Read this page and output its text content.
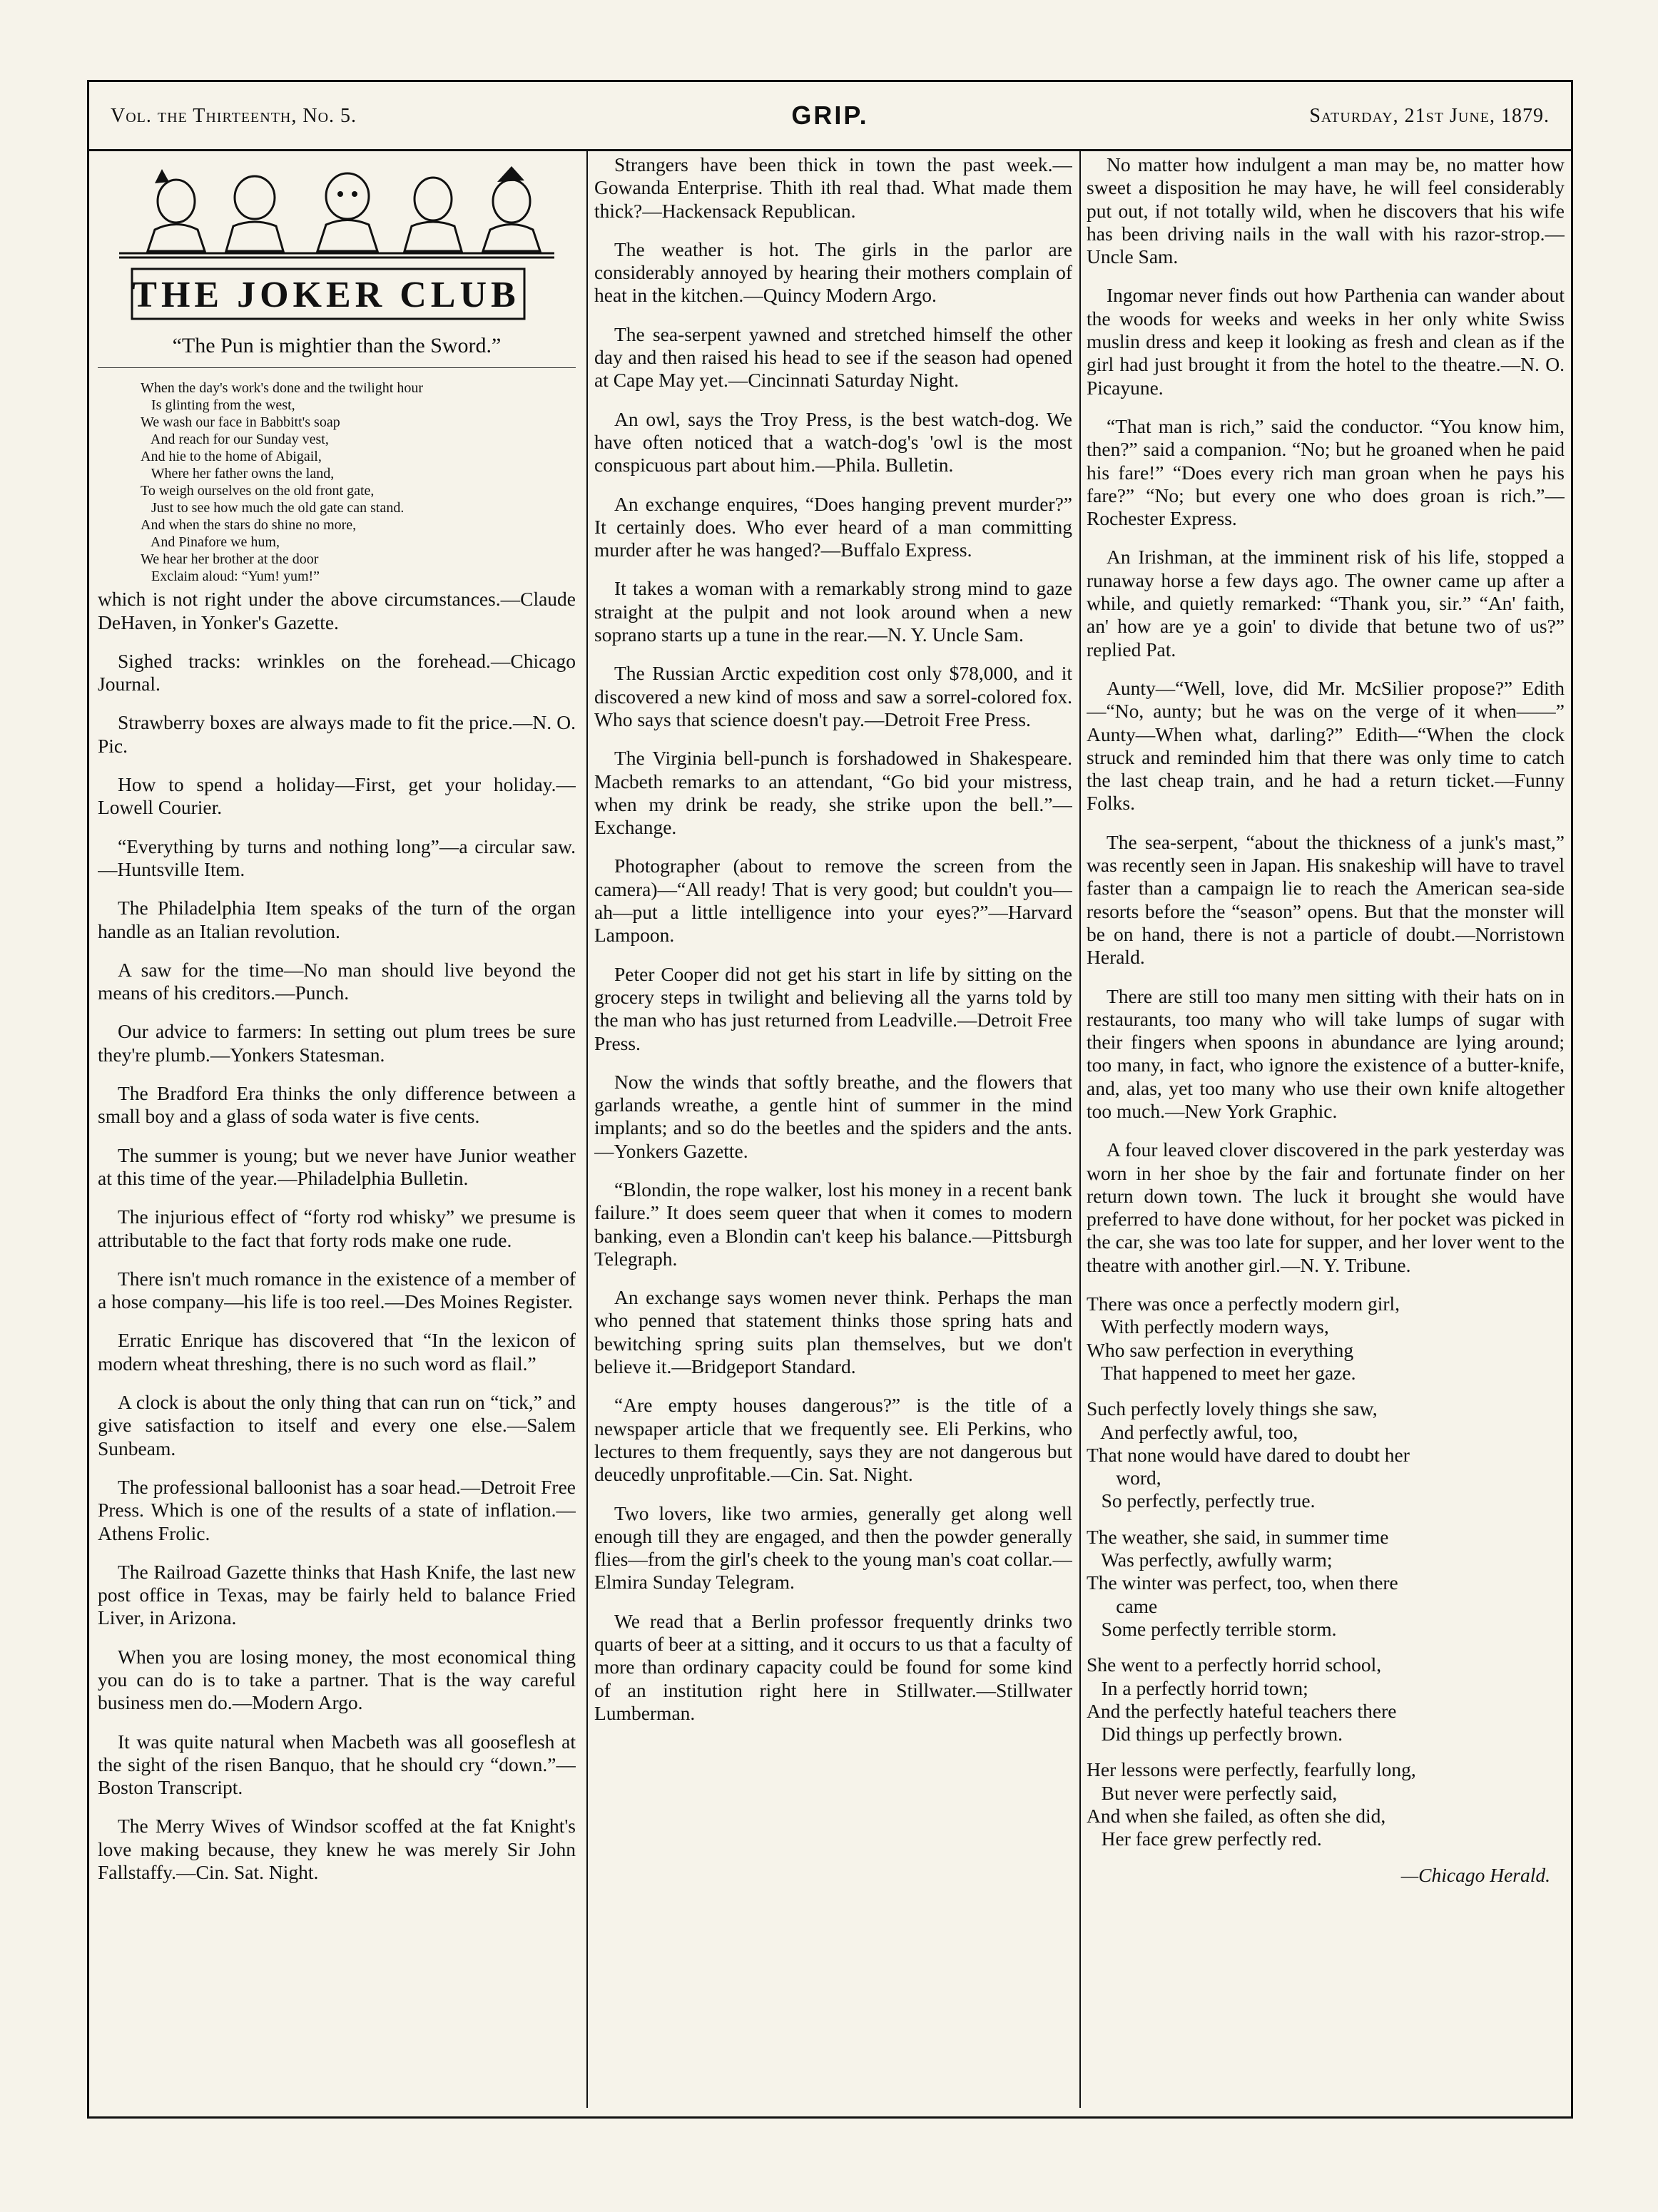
Vol. the Thirteenth, No. 5.	GRIP.	Saturday, 21st June, 1879.
THE JOKER CLUB
“The Pun is mightier than the Sword.”
When the day's work's done and the twilight hour
Is glinting from the west,
We wash our face in Babbitt's soap
And reach for our Sunday vest,
And hie to the home of Abigail,
Where her father owns the land,
To weigh ourselves on the old front gate,
Just to see how much the old gate can stand.
And when the stars do shine no more,
And Pinafore we hum,
We hear her brother at the door
Exclaim aloud: “Yum! yum!”

which is not right under the above circumstances.—Claude DeHaven, in Yonker's Gazette.

Sighed tracks: wrinkles on the forehead.—Chicago Journal.

Strawberry boxes are always made to fit the price.—N. O. Pic.

How to spend a holiday—First, get your holiday.—Lowell Courier.

“Everything by turns and nothing long”—a circular saw.—Huntsville Item.

The Philadelphia Item speaks of the turn of the organ handle as an Italian revolution.

A saw for the time—No man should live beyond the means of his creditors.—Punch.

Our advice to farmers: In setting out plum trees be sure they're plumb.—Yonkers Statesman.

The Bradford Era thinks the only difference between a small boy and a glass of soda water is five cents.

The summer is young; but we never have Junior weather at this time of the year.—Philadelphia Bulletin.

The injurious effect of “forty rod whisky” we presume is attributable to the fact that forty rods make one rude.

There isn't much romance in the existence of a member of a hose company—his life is too reel.—Des Moines Register.

Erratic Enrique has discovered that “In the lexicon of modern wheat threshing, there is no such word as flail.”

A clock is about the only thing that can run on “tick,” and give satisfaction to itself and every one else.—Salem Sunbeam.

The professional balloonist has a soar head.—Detroit Free Press. Which is one of the results of a state of inflation.—Athens Frolic.

The Railroad Gazette thinks that Hash Knife, the last new post office in Texas, may be fairly held to balance Fried Liver, in Arizona.

When you are losing money, the most economical thing you can do is to take a partner. That is the way careful business men do.—Modern Argo.

It was quite natural when Macbeth was all gooseflesh at the sight of the risen Banquo, that he should cry “down.”—Boston Transcript.

The Merry Wives of Windsor scoffed at the fat Knight's love making because, they knew he was merely Sir John Fallstaffy.—Cin. Sat. Night.

Strangers have been thick in town the past week.—Gowanda Enterprise. Thith ith real thad. What made them thick?—Hackensack Republican.

The weather is hot. The girls in the parlor are considerably annoyed by hearing their mothers complain of heat in the kitchen.—Quincy Modern Argo.

The sea-serpent yawned and stretched himself the other day and then raised his head to see if the season had opened at Cape May yet.—Cincinnati Saturday Night.

An owl, says the Troy Press, is the best watch-dog. We have often noticed that a watch-dog's 'owl is the most conspicuous part about him.—Phila. Bulletin.

An exchange enquires, “Does hanging prevent murder?” It certainly does. Who ever heard of a man committing murder after he was hanged?—Buffalo Express.

It takes a woman with a remarkably strong mind to gaze straight at the pulpit and not look around when a new soprano starts up a tune in the rear.—N. Y. Uncle Sam.

The Russian Arctic expedition cost only $78,000, and it discovered a new kind of moss and saw a sorrel-colored fox. Who says that science doesn't pay.—Detroit Free Press.

The Virginia bell-punch is forshadowed in Shakespeare. Macbeth remarks to an attendant, “Go bid your mistress, when my drink be ready, she strike upon the bell.”—Exchange.

Photographer (about to remove the screen from the camera)—“All ready! That is very good; but couldn't you—ah—put a little intelligence into your eyes?”—Harvard Lampoon.

Peter Cooper did not get his start in life by sitting on the grocery steps in twilight and believing all the yarns told by the man who has just returned from Leadville.—Detroit Free Press.

Now the winds that softly breathe, and the flowers that garlands wreathe, a gentle hint of summer in the mind implants; and so do the beetles and the spiders and the ants.—Yonkers Gazette.

“Blondin, the rope walker, lost his money in a recent bank failure.” It does seem queer that when it comes to modern banking, even a Blondin can't keep his balance.—Pittsburgh Telegraph.

An exchange says women never think. Perhaps the man who penned that statement thinks those spring hats and bewitching spring suits plan themselves, but we don't believe it.—Bridgeport Standard.

“Are empty houses dangerous?” is the title of a newspaper article that we frequently see. Eli Perkins, who lectures to them frequently, says they are not dangerous but deucedly unprofitable.—Cin. Sat. Night.

Two lovers, like two armies, generally get along well enough till they are engaged, and then the powder generally flies—from the girl's cheek to the young man's coat collar.—Elmira Sunday Telegram.

We read that a Berlin professor frequently drinks two quarts of beer at a sitting, and it occurs to us that a faculty of more than ordinary capacity could be found for some kind of an institution right here in Stillwater.—Stillwater Lumberman.

No matter how indulgent a man may be, no matter how sweet a disposition he may have, he will feel considerably put out, if not totally wild, when he discovers that his wife has been driving nails in the wall with his razor-strop.—Uncle Sam.

Ingomar never finds out how Parthenia can wander about the woods for weeks and weeks in her only white Swiss muslin dress and keep it looking as fresh and clean as if the girl had just brought it from the hotel to the theatre.—N. O. Picayune.

“That man is rich,” said the conductor. “You know him, then?” said a companion. “No; but he groaned when he paid his fare!” “Does every rich man groan when he pays his fare?” “No; but every one who does groan is rich.”—Rochester Express.

An Irishman, at the imminent risk of his life, stopped a runaway horse a few days ago. The owner came up after a while, and quietly remarked: “Thank you, sir.” “An' faith, an' how are ye a goin' to divide that betune two of us?” replied Pat.

Aunty—“Well, love, did Mr. McSilier propose?” Edith—“No, aunty; but he was on the verge of it when——” Aunty—When what, darling?” Edith—“When the clock struck and reminded him that there was only time to catch the last cheap train, and he had a return ticket.—Funny Folks.

The sea-serpent, “about the thickness of a junk's mast,” was recently seen in Japan. His snakeship will have to travel faster than a campaign lie to reach the American sea-side resorts before the “season” opens. But that the monster will be on hand, there is not a particle of doubt.—Norristown Herald.

There are still too many men sitting with their hats on in restaurants, too many who will take lumps of sugar with their fingers when spoons in abundance are lying around; too many, in fact, who ignore the existence of a butter-knife, and, alas, yet too many who use their own knife altogether too much.—New York Graphic.

A four leaved clover discovered in the park yesterday was worn in her shoe by the fair and fortunate finder on her return down town. The luck it brought she would have preferred to have done without, for her pocket was picked in the car, she was too late for supper, and her lover went to the theatre with another girl.—N. Y. Tribune.

There was once a perfectly modern girl,
With perfectly modern ways,
Who saw perfection in everything
That happened to meet her gaze.
Such perfectly lovely things she saw,
And perfectly awful, too,
That none would have dared to doubt her
word,
So perfectly, perfectly true.
The weather, she said, in summer time
Was perfectly, awfully warm;
The winter was perfect, too, when there
came
Some perfectly terrible storm.
She went to a perfectly horrid school,
In a perfectly horrid town;
And the perfectly hateful teachers there
Did things up perfectly brown.
Her lessons were perfectly, fearfully long,
But never were perfectly said,
And when she failed, as often she did,
Her face grew perfectly red.
—Chicago Herald.
